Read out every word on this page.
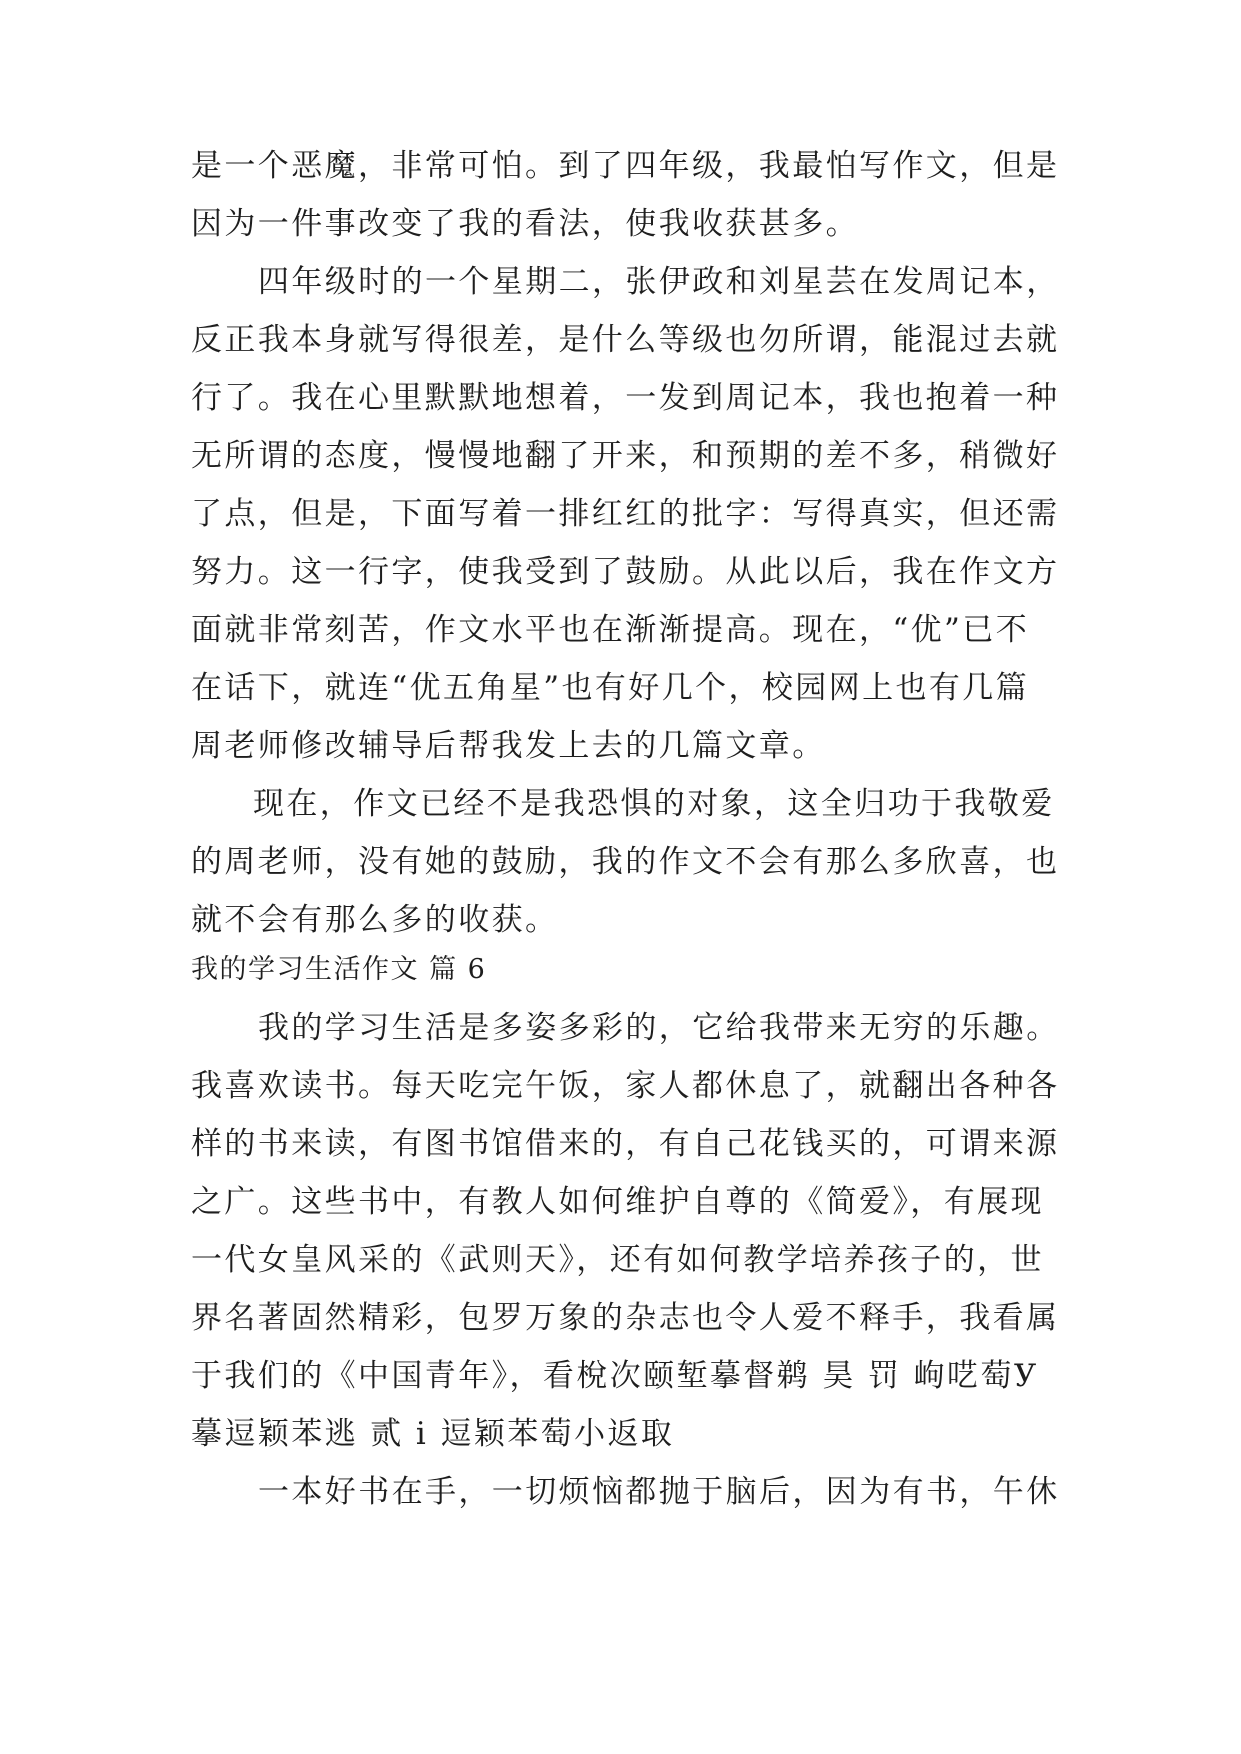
是一个恶魔，非常可怕。到了四年级，我最怕写作文，但是
因为一件事改变了我的看法，使我收获甚多。
四年级时的一个星期二，张伊政和刘星芸在发周记本，
反正我本身就写得很差，是什么等级也勿所谓，能混过去就
行了。我在心里默默地想着，一发到周记本，我也抱着一种
无所谓的态度，慢慢地翻了开来，和预期的差不多，稍微好
了点，但是，下面写着一排红红的批字：写得真实，但还需
努力。这一行字，使我受到了鼓励。从此以后，我在作文方
面就非常刻苦，作文水平也在渐渐提高。现在，“优”已不
在话下，就连“优五角星”也有好几个，校园网上也有几篇
周老师修改辅导后帮我发上去的几篇文章。
现在，作文已经不是我恐惧的对象，这全归功于我敬爱
的周老师，没有她的鼓励，我的作文不会有那么多欣喜，也
就不会有那么多的收获。
我的学习生活作文 篇 6
我的学习生活是多姿多彩的，它给我带来无穷的乐趣。
我喜欢读书。每天吃完午饭，家人都休息了，就翻出各种各
样的书来读，有图书馆借来的，有自己花钱买的，可谓来源
之广。这些书中，有教人如何维护自尊的《简爱》，有展现
一代女皇风采的《武则天》，还有如何教学培养孩子的，世
界名著固然精彩，包罗万象的杂志也令人爱不释手，我看属
于我们的《中国青年》，看梲次颐堑摹督鹈 昊 罚 岣呓萄У
摹逗颖苯逃 贰 i 逗颖苯萄小返取
一本好书在手，一切烦恼都抛于脑后，因为有书，午休
